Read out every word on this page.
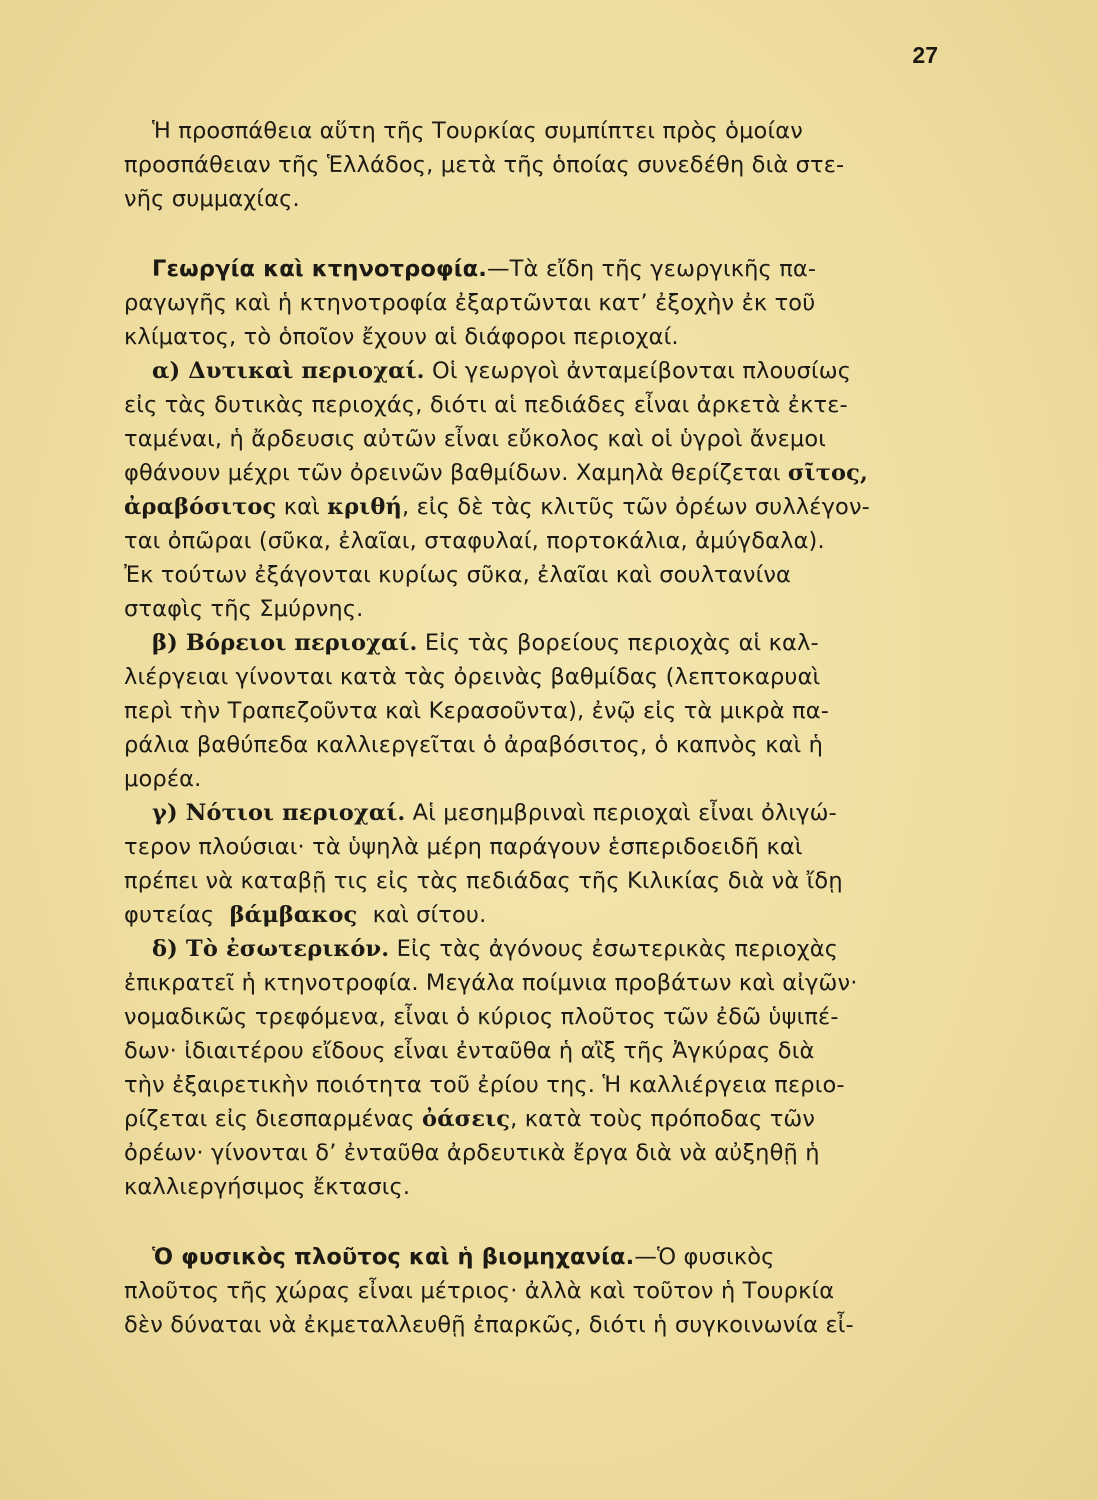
27
Ἡ προσπάθεια αὕτη τῆς Τουρκίας συμπίπτει πρὸς ὁμοίαν
προσπάθειαν τῆς Ἑλλάδος, μετὰ τῆς ὁποίας συνεδέθη διὰ στε-
νῆς συμμαχίας.
Γεωργία καὶ κτηνοτροφία.—Τὰ εἴδη τῆς γεωργικῆς πα-
ραγωγῆς καὶ ἡ κτηνοτροφία ἐξαρτῶνται κατ’ ἐξοχὴν ἐκ τοῦ
κλίματος, τὸ ὁποῖον ἔχουν αἱ διάφοροι περιοχαί.
α) Δυτικαὶ περιοχαί. Οἱ γεωργοὶ ἀνταμείβονται πλουσίως
εἰς τὰς δυτικὰς περιοχάς, διότι αἱ πεδιάδες εἶναι ἀρκετὰ ἐκτε-
ταμέναι, ἡ ἄρδευσις αὐτῶν εἶναι εὔκολος καὶ οἱ ὑγροὶ ἄνεμοι
φθάνουν μέχρι τῶν ὀρεινῶν βαθμίδων. Χαμηλὰ θερίζεται σῖτος,
ἀραβόσιτος καὶ κριθή, εἰς δὲ τὰς κλιτῦς τῶν ὀρέων συλλέγον-
ται ὀπῶραι (σῦκα, ἐλαῖαι, σταφυλαί, πορτοκάλια, ἀμύγδαλα).
Ἐκ τούτων ἐξάγονται κυρίως σῦκα, ἐλαῖαι καὶ σουλτανίνα
σταφὶς τῆς Σμύρνης.
β) Βόρειοι περιοχαί. Εἰς τὰς βορείους περιοχὰς αἱ καλ-
λιέργειαι γίνονται κατὰ τὰς ὀρεινὰς βαθμίδας (λεπτοκαρυαὶ
περὶ τὴν Τραπεζοῦντα καὶ Κερασοῦντα), ἐνῷ εἰς τὰ μικρὰ πα-
ράλια βαθύπεδα καλλιεργεῖται ὁ ἀραβόσιτος, ὁ καπνὸς καὶ ἡ
μορέα.
γ) Νότιοι περιοχαί. Αἱ μεσημβριναὶ περιοχαὶ εἶναι ὀλιγώ-
τερον πλούσιαι· τὰ ὑψηλὰ μέρη παράγουν ἑσπεριδοειδῆ καὶ
πρέπει νὰ καταβῇ τις εἰς τὰς πεδιάδας τῆς Κιλικίας διὰ νὰ ἴδῃ
φυτείας βάμβακος καὶ σίτου.
δ) Τὸ ἐσωτερικόν. Εἰς τὰς ἀγόνους ἐσωτερικὰς περιοχὰς
ἐπικρατεῖ ἡ κτηνοτροφία. Μεγάλα ποίμνια προβάτων καὶ αἰγῶν·
νομαδικῶς τρεφόμενα, εἶναι ὁ κύριος πλοῦτος τῶν ἐδῶ ὑψιπέ-
δων· ἰδιαιτέρου εἴδους εἶναι ἐνταῦθα ἡ αἲξ τῆς Ἀγκύρας διὰ
τὴν ἐξαιρετικὴν ποιότητα τοῦ ἐρίου της. Ἡ καλλιέργεια περιο-
ρίζεται εἰς διεσπαρμένας ὀάσεις, κατὰ τοὺς πρόποδας τῶν
ὀρέων· γίνονται δ’ ἐνταῦθα ἀρδευτικὰ ἔργα διὰ νὰ αὐξηθῇ ἡ
καλλιεργήσιμος ἔκτασις.
Ὁ φυσικὸς πλοῦτος καὶ ἡ βιομηχανία.—Ὁ φυσικὸς
πλοῦτος τῆς χώρας εἶναι μέτριος· ἀλλὰ καὶ τοῦτον ἡ Τουρκία
δὲν δύναται νὰ ἐκμεταλλευθῇ ἐπαρκῶς, διότι ἡ συγκοινωνία εἶ-
